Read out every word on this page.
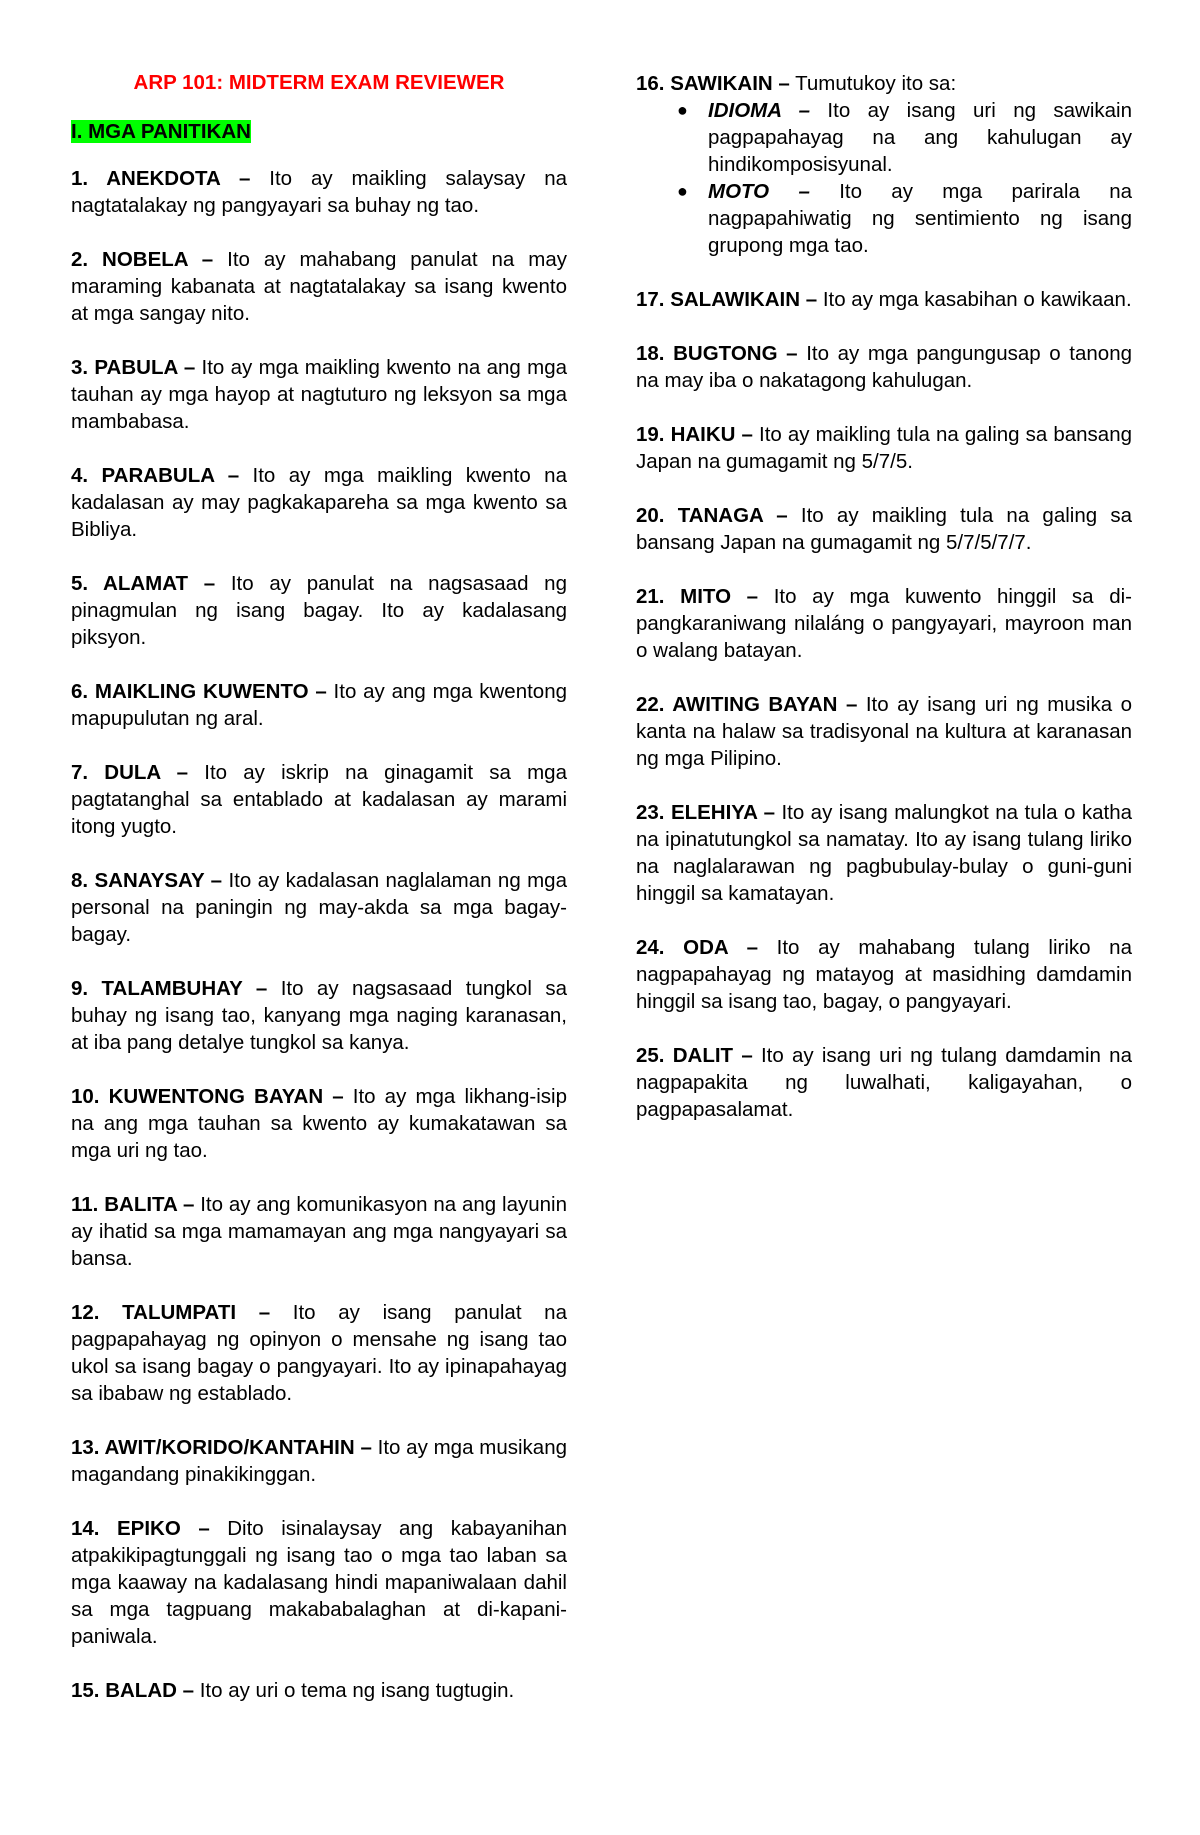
ARP 101: MIDTERM EXAM REVIEWER
I. MGA PANITIKAN
1. ANEKDOTA – Ito ay maikling salaysay na nagtatalakay ng pangyayari sa buhay ng tao.
2. NOBELA – Ito ay mahabang panulat na may maraming kabanata at nagtatalakay sa isang kwento at mga sangay nito.
3. PABULA – Ito ay mga maikling kwento na ang mga tauhan ay mga hayop at nagtuturo ng leksyon sa mga mambabasa.
4. PARABULA – Ito ay mga maikling kwento na kadalasan ay may pagkakapareha sa mga kwento sa Bibliya.
5. ALAMAT – Ito ay panulat na nagsasaad ng pinagmulan ng isang bagay. Ito ay kadalasang piksyon.
6. MAIKLING KUWENTO – Ito ay ang mga kwentong mapupulutan ng aral.
7. DULA – Ito ay iskrip na ginagamit sa mga pagtatanghal sa entablado at kadalasan ay marami itong yugto.
8. SANAYSAY – Ito ay kadalasan naglalaman ng mga personal na paningin ng may-akda sa mga bagay-bagay.
9. TALAMBUHAY – Ito ay nagsasaad tungkol sa buhay ng isang tao, kanyang mga naging karanasan, at iba pang detalye tungkol sa kanya.
10. KUWENTONG BAYAN – Ito ay mga likhang-isip na ang mga tauhan sa kwento ay kumakatawan sa mga uri ng tao.
11. BALITA – Ito ay ang komunikasyon na ang layunin ay ihatid sa mga mamamayan ang mga nangyayari sa bansa.
12. TALUMPATI – Ito ay isang panulat na pagpapahayag ng opinyon o mensahe ng isang tao ukol sa isang bagay o pangyayari. Ito ay ipinapahayag sa ibabaw ng establado.
13. AWIT/KORIDO/KANTAHIN – Ito ay mga musikang magandang pinakikinggan.
14. EPIKO – Dito isinalaysay ang kabayanihan atpakikipagtunggali ng isang tao o mga tao laban sa mga kaaway na kadalasang hindi mapaniwalaan dahil sa mga tagpuang makababalaghan at di-kapani-paniwala.
15. BALAD – Ito ay uri o tema ng isang tugtugin.
16. SAWIKAIN – Tumutukoy ito sa:
● IDIOMA – Ito ay isang uri ng sawikain pagpapahayag na ang kahulugan ay hindikomposisyunal.
● MOTO – Ito ay mga parirala na nagpapahiwatig ng sentimiento ng isang grupong mga tao.
17. SALAWIKAIN – Ito ay mga kasabihan o kawikaan.
18. BUGTONG – Ito ay mga pangungusap o tanong na may iba o nakatagong kahulugan.
19. HAIKU – Ito ay maikling tula na galing sa bansang Japan na gumagamit ng 5/7/5.
20. TANAGA – Ito ay maikling tula na galing sa bansang Japan na gumagamit ng 5/7/5/7/7.
21. MITO – Ito ay mga kuwento hinggil sa di-pangkaraniwang nilaláng o pangyayari, mayroon man o walang batayan.
22. AWITING BAYAN – Ito ay isang uri ng musika o kanta na halaw sa tradisyonal na kultura at karanasan ng mga Pilipino.
23. ELEHIYA – Ito ay isang malungkot na tula o katha na ipinatutungkol sa namatay. Ito ay isang tulang liriko na naglalarawan ng pagbubulay-bulay o guni-guni hinggil sa kamatayan.
24. ODA – Ito ay mahabang tulang liriko na nagpapahayag ng matayog at masidhing damdamin hinggil sa isang tao, bagay, o pangyayari.
25. DALIT – Ito ay isang uri ng tulang damdamin na nagpapakita ng luwalhati, kaligayahan, o pagpapasalamat.
